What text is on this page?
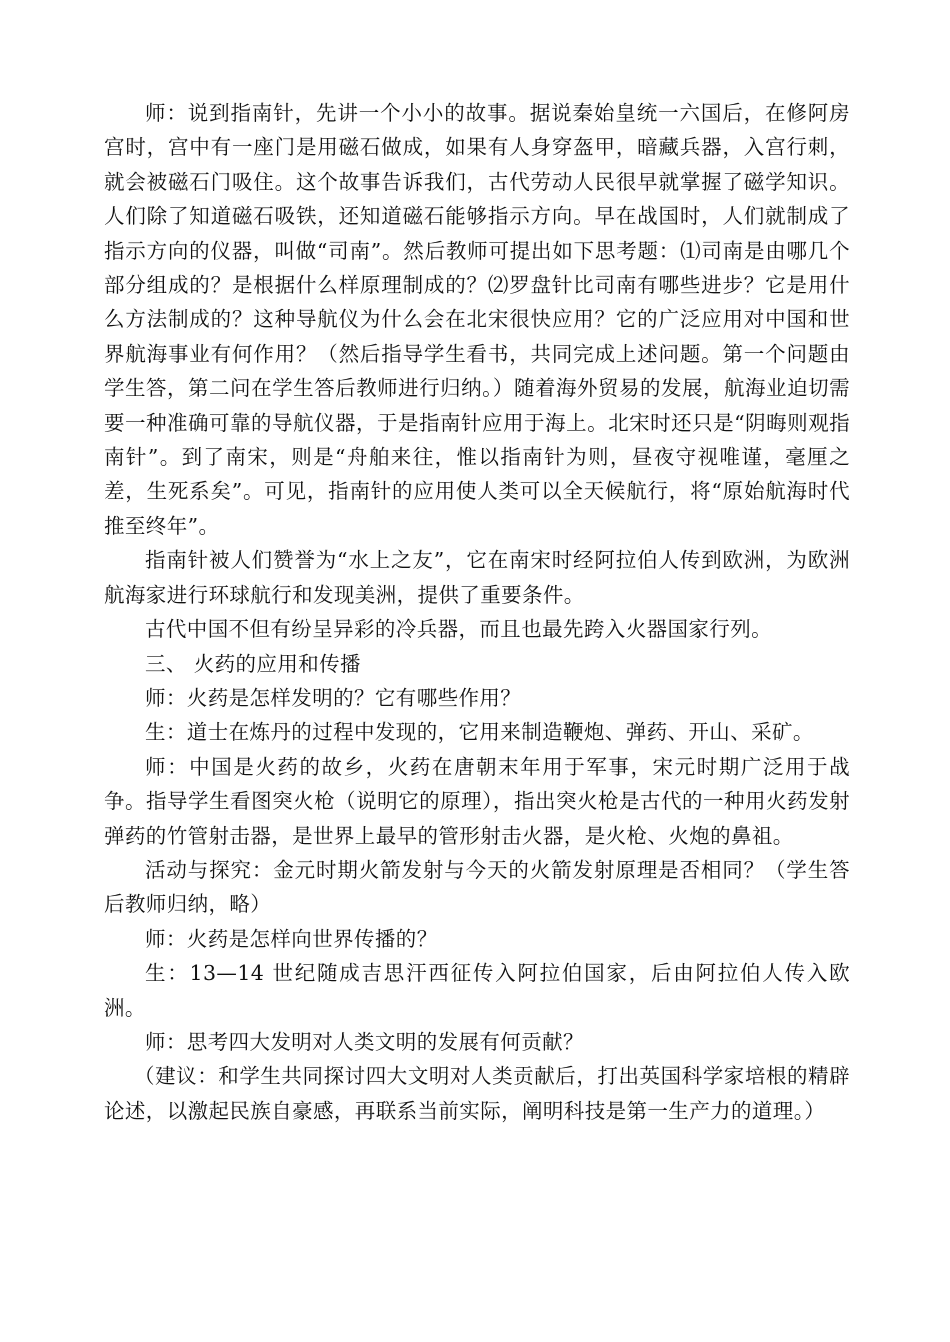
师：说到指南针，先讲一个小小的故事。据说秦始皇统一六国后，在修阿房宫时，宫中有一座门是用磁石做成，如果有人身穿盔甲，暗藏兵器，入宫行刺，就会被磁石门吸住。这个故事告诉我们，古代劳动人民很早就掌握了磁学知识。人们除了知道磁石吸铁，还知道磁石能够指示方向。早在战国时，人们就制成了指示方向的仪器，叫做“司南”。然后教师可提出如下思考题：⑴司南是由哪几个部分组成的？是根据什么样原理制成的？⑵罗盘针比司南有哪些进步？它是用什么方法制成的？这种导航仪为什么会在北宋很快应用？它的广泛应用对中国和世界航海事业有何作用？（然后指导学生看书，共同完成上述问题。第一个问题由学生答，第二问在学生答后教师进行归纳。）随着海外贸易的发展，航海业迫切需要一种准确可靠的导航仪器，于是指南针应用于海上。北宋时还只是“阴晦则观指南针”。到了南宋，则是“舟舶来往，惟以指南针为则，昼夜守视唯谨，毫厘之差，生死系矣”。可见，指南针的应用使人类可以全天候航行，将“原始航海时代推至终年”。

指南针被人们赞誉为“水上之友”，它在南宋时经阿拉伯人传到欧洲，为欧洲航海家进行环球航行和发现美洲，提供了重要条件。

古代中国不但有纷呈异彩的冷兵器，而且也最先跨入火器国家行列。

三、 火药的应用和传播

师：火药是怎样发明的？它有哪些作用？

生：道士在炼丹的过程中发现的，它用来制造鞭炮、弹药、开山、采矿。

师：中国是火药的故乡，火药在唐朝末年用于军事，宋元时期广泛用于战争。指导学生看图突火枪（说明它的原理），指出突火枪是古代的一种用火药发射弹药的竹管射击器，是世界上最早的管形射击火器，是火枪、火炮的鼻祖。

活动与探究：金元时期火箭发射与今天的火箭发射原理是否相同？（学生答后教师归纳，略）

师：火药是怎样向世界传播的？

生：13—14 世纪随成吉思汗西征传入阿拉伯国家，后由阿拉伯人传入欧洲。

师：思考四大发明对人类文明的发展有何贡献？

（建议：和学生共同探讨四大文明对人类贡献后，打出英国科学家培根的精辟论述，以激起民族自豪感，再联系当前实际，阐明科技是第一生产力的道理。）
